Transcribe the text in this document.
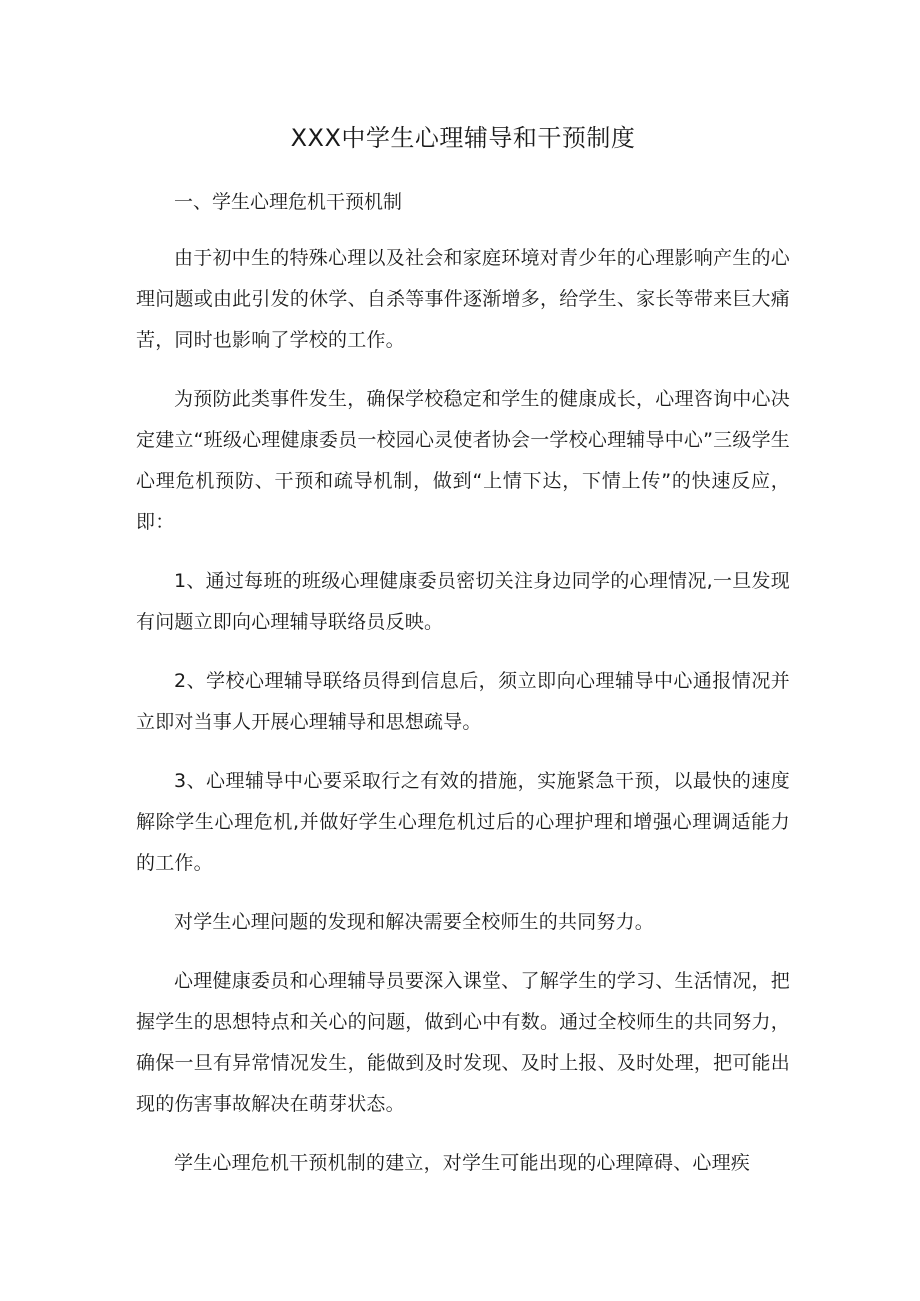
XXX中学生心理辅导和干预制度

一、学生心理危机干预机制

由于初中生的特殊心理以及社会和家庭环境对青少年的心理影响产生的心理问题或由此引发的休学、自杀等事件逐渐增多，给学生、家长等带来巨大痛苦，同时也影响了学校的工作。

为预防此类事件发生，确保学校稳定和学生的健康成长，心理咨询中心决定建立“班级心理健康委员一校园心灵使者协会一学校心理辅导中心”三级学生心理危机预防、干预和疏导机制，做到“上情下达，下情上传”的快速反应，即：

1、通过每班的班级心理健康委员密切关注身边同学的心理情况,一旦发现有问题立即向心理辅导联络员反映。

2、学校心理辅导联络员得到信息后，须立即向心理辅导中心通报情况并立即对当事人开展心理辅导和思想疏导。

3、心理辅导中心要采取行之有效的措施，实施紧急干预，以最快的速度解除学生心理危机,并做好学生心理危机过后的心理护理和增强心理调适能力的工作。

对学生心理问题的发现和解决需要全校师生的共同努力。

心理健康委员和心理辅导员要深入课堂、了解学生的学习、生活情况，把握学生的思想特点和关心的问题，做到心中有数。通过全校师生的共同努力，确保一旦有异常情况发生，能做到及时发现、及时上报、及时处理，把可能出现的伤害事故解决在萌芽状态。

学生心理危机干预机制的建立，对学生可能出现的心理障碍、心理疾
